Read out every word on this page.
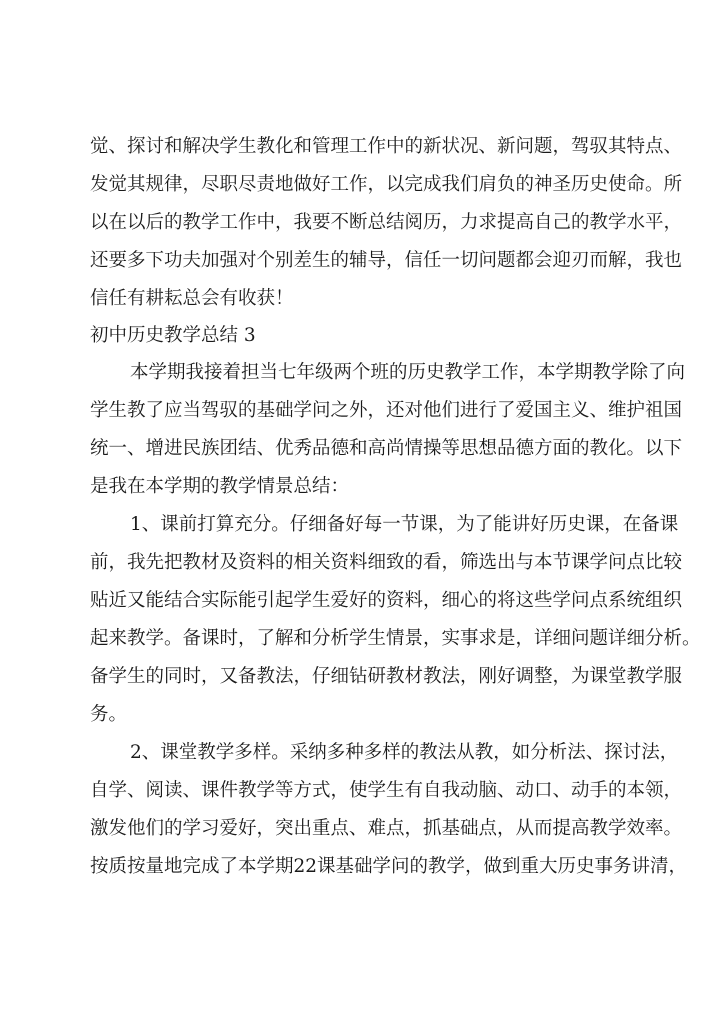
觉、探讨和解决学生教化和管理工作中的新状况、新问题，驾驭其特点、
发觉其规律，尽职尽责地做好工作，以完成我们肩负的神圣历史使命。所
以在以后的教学工作中，我要不断总结阅历，力求提高自己的教学水平，
还要多下功夫加强对个别差生的辅导，信任一切问题都会迎刃而解，我也
信任有耕耘总会有收获！
初中历史教学总结 3
本学期我接着担当七年级两个班的历史教学工作，本学期教学除了向
学生教了应当驾驭的基础学问之外，还对他们进行了爱国主义、维护祖国
统一、增进民族团结、优秀品德和高尚情操等思想品德方面的教化。以下
是我在本学期的教学情景总结：
1、课前打算充分。仔细备好每一节课，为了能讲好历史课，在备课
前，我先把教材及资料的相关资料细致的看，筛选出与本节课学问点比较
贴近又能结合实际能引起学生爱好的资料，细心的将这些学问点系统组织
起来教学。备课时，了解和分析学生情景，实事求是，详细问题详细分析。
备学生的同时，又备教法，仔细钻研教材教法，刚好调整，为课堂教学服
务。
2、课堂教学多样。采纳多种多样的教法从教，如分析法、探讨法，
自学、阅读、课件教学等方式，使学生有自我动脑、动口、动手的本领，
激发他们的学习爱好，突出重点、难点，抓基础点，从而提高教学效率。
按质按量地完成了本学期22课基础学问的教学，做到重大历史事务讲清，
